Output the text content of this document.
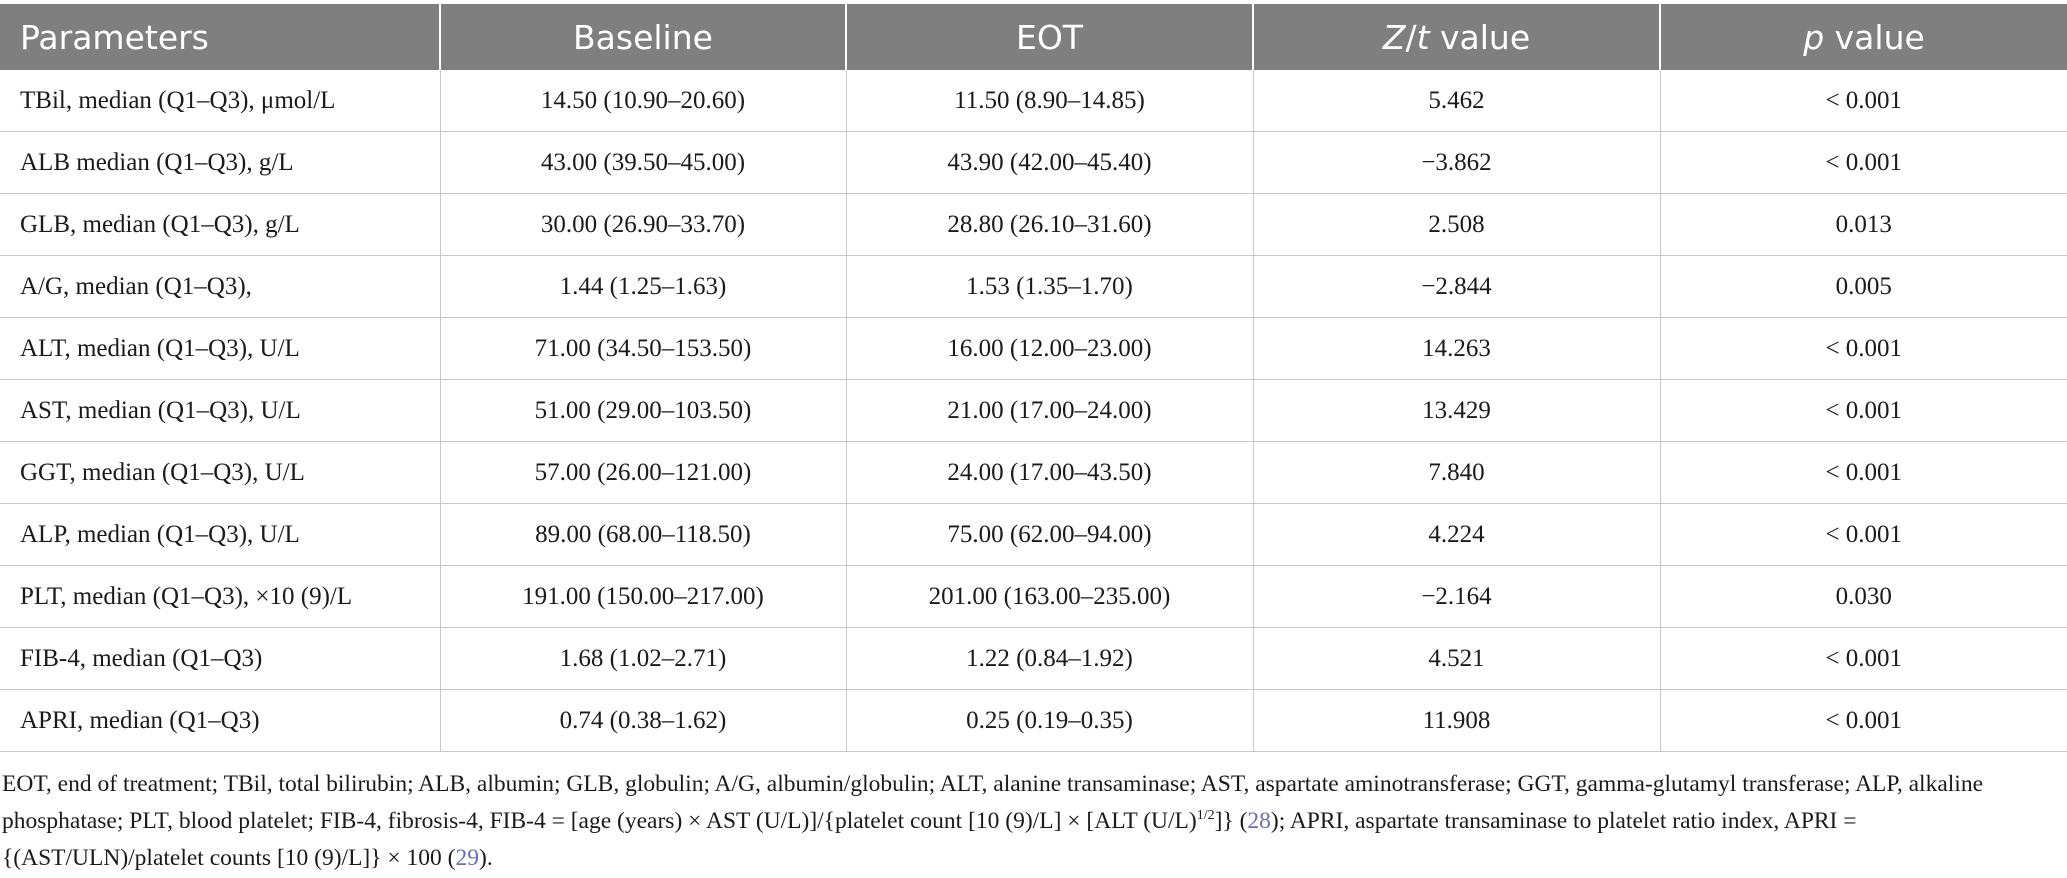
Parameters	Baseline	EOT	Z/t value	p value
TBil, median (Q1–Q3), μmol/L	14.50 (10.90–20.60)	11.50 (8.90–14.85)	5.462	< 0.001
ALB median (Q1–Q3), g/L	43.00 (39.50–45.00)	43.90 (42.00–45.40)	−3.862	< 0.001
GLB, median (Q1–Q3), g/L	30.00 (26.90–33.70)	28.80 (26.10–31.60)	2.508	0.013
A/G, median (Q1–Q3),	1.44 (1.25–1.63)	1.53 (1.35–1.70)	−2.844	0.005
ALT, median (Q1–Q3), U/L	71.00 (34.50–153.50)	16.00 (12.00–23.00)	14.263	< 0.001
AST, median (Q1–Q3), U/L	51.00 (29.00–103.50)	21.00 (17.00–24.00)	13.429	< 0.001
GGT, median (Q1–Q3), U/L	57.00 (26.00–121.00)	24.00 (17.00–43.50)	7.840	< 0.001
ALP, median (Q1–Q3), U/L	89.00 (68.00–118.50)	75.00 (62.00–94.00)	4.224	< 0.001
PLT, median (Q1–Q3), ×10 (9)/L	191.00 (150.00–217.00)	201.00 (163.00–235.00)	−2.164	0.030
FIB-4, median (Q1–Q3)	1.68 (1.02–2.71)	1.22 (0.84–1.92)	4.521	< 0.001
APRI, median (Q1–Q3)	0.74 (0.38–1.62)	0.25 (0.19–0.35)	11.908	< 0.001
EOT, end of treatment; TBil, total bilirubin; ALB, albumin; GLB, globulin; A/G, albumin/globulin; ALT, alanine transaminase; AST, aspartate aminotransferase; GGT, gamma-glutamyl transferase; ALP, alkaline phosphatase; PLT, blood platelet; FIB-4, fibrosis-4, FIB-4 = [age (years) × AST (U/L)]/{platelet count [10 (9)/L] × [ALT $(U/L)^{1/2}$]} (28); APRI, aspartate transaminase to platelet ratio index, APRI = {(AST/ULN)/platelet counts [10 (9)/L]} × 100 (29).
